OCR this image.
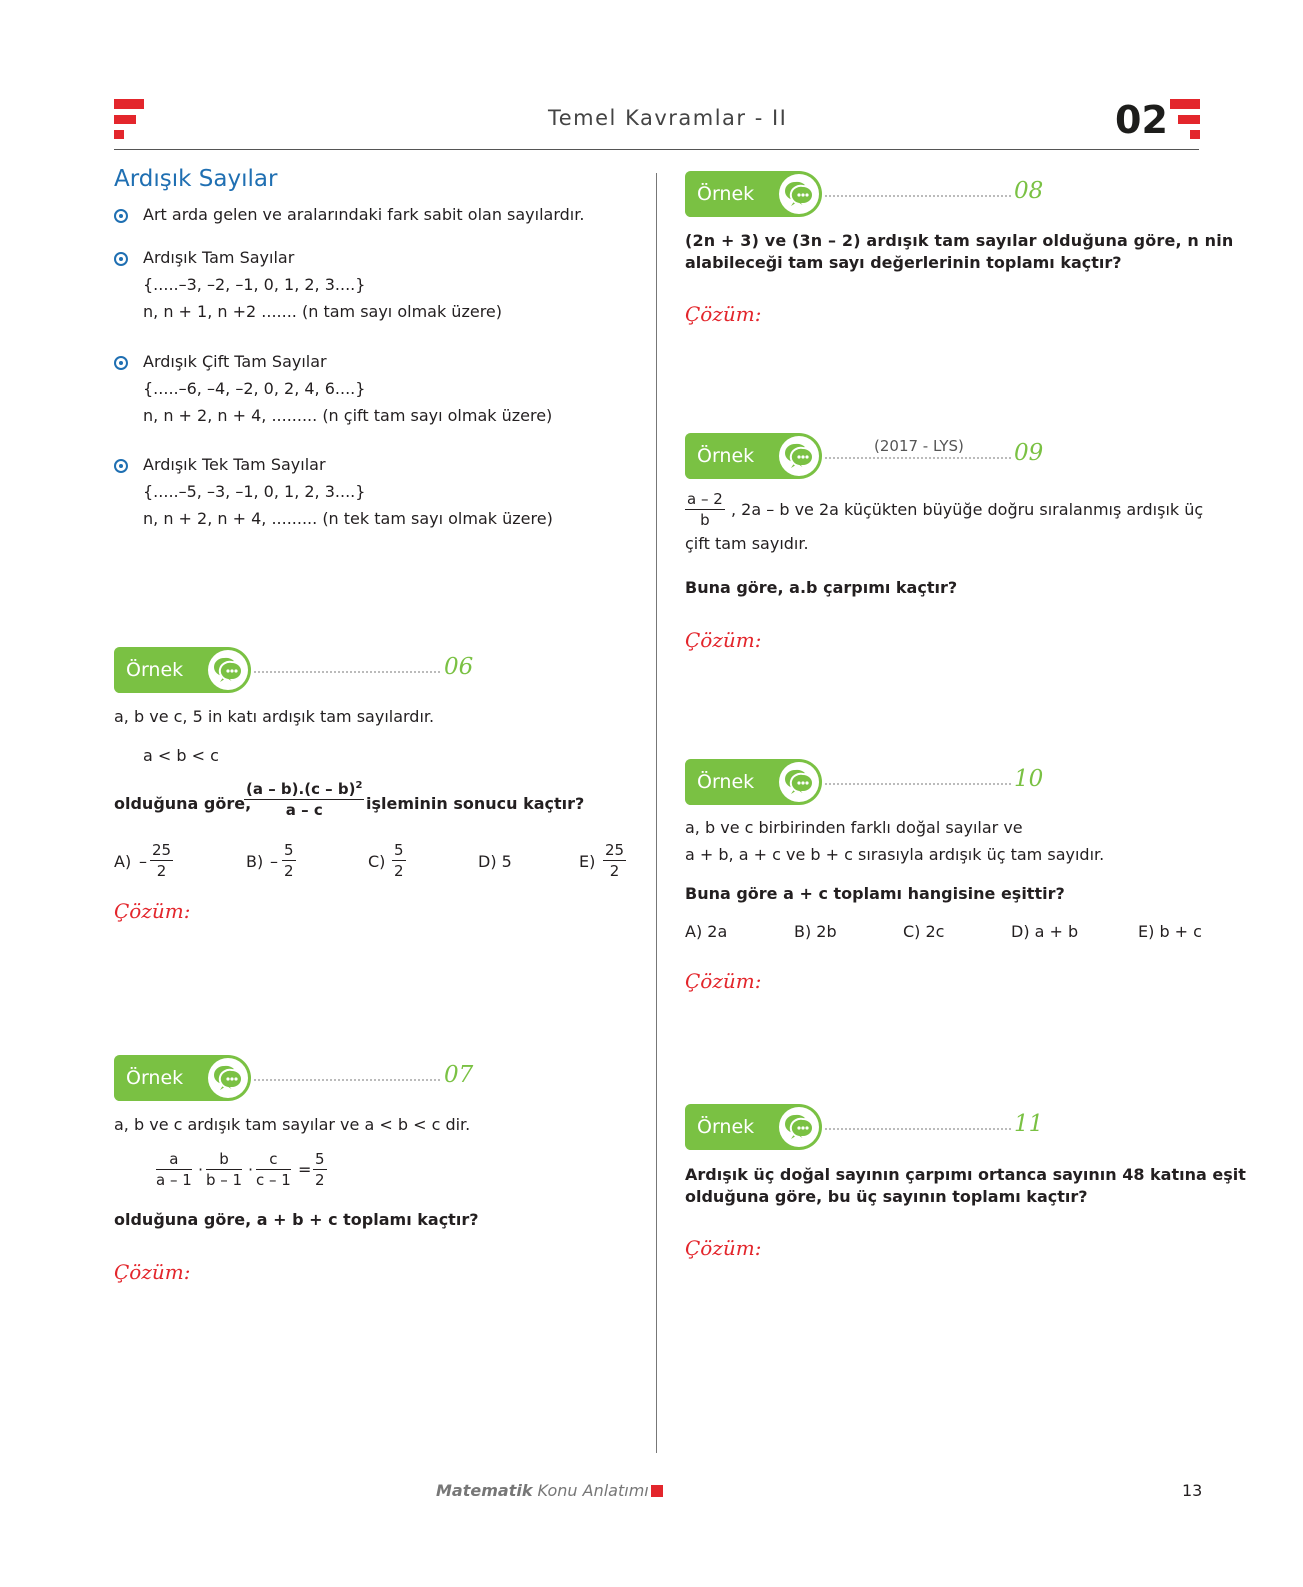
Temel Kavramlar - II	02
Ardışık Sayılar
Art arda gelen ve aralarındaki fark sabit olan sayılardır.
Ardışık Tam Sayılar
{.....–3, –2, –1, 0, 1, 2, 3....}
n, n + 1, n +2 ....... (n tam sayı olmak üzere)
Ardışık Çift Tam Sayılar
{.....–6, –4, –2, 0, 2, 4, 6....}
n, n + 2, n + 4, ......... (n çift tam sayı olmak üzere)
Ardışık Tek Tam Sayılar
{.....–5, –3, –1, 0, 1, 2, 3....}
n, n + 2, n + 4, ......... (n tek tam sayı olmak üzere)
Örnek	06
a, b ve c, 5 in katı ardışık tam sayılardır.
a < b < c
olduğuna göre,
$\frac{(a - b).(c - b)^2}{a - c}$ işleminin sonucu kaçtır?
$A) - \frac{25}{2}$	$B) - \frac{5}{2}$	$C) \frac{5}{2}$	D) 5	$E) \frac{25}{2}$
Çözüm:
Örnek	07
a, b ve c ardışık tam sayılar ve a < b < c dir.
$\frac{a}{a - 1} \cdot \frac{b}{b - 1} \cdot \frac{c}{c - 1} = \frac{5}{2}$
olduğuna göre, a + b + c toplamı kaçtır?
Çözüm:
Örnek	08
(2n + 3) ve (3n – 2) ardışık tam sayılar olduğuna göre, n nin
alabileceği tam sayı değerlerinin toplamı kaçtır?
Çözüm:
Örnek	(2017 - LYS) 09
$\frac{a - 2}{b}$ , 2a – b ve 2a küçükten büyüğe doğru sıralanmış ardışık üç
çift tam sayıdır.
Buna göre, a.b çarpımı kaçtır?
Çözüm:
Örnek	10
a, b ve c birbirinden farklı doğal sayılar ve
a + b, a + c ve b + c sırasıyla ardışık üç tam sayıdır.
Buna göre a + c toplamı hangisine eşittir?
A) 2a	B) 2b	C) 2c	D) a + b	E) b + c
Çözüm:
Örnek	11
Ardışık üç doğal sayının çarpımı ortanca sayının 48 katına eşit
olduğuna göre, bu üç sayının toplamı kaçtır?
Çözüm:
Matematik Konu Anlatımı	13
